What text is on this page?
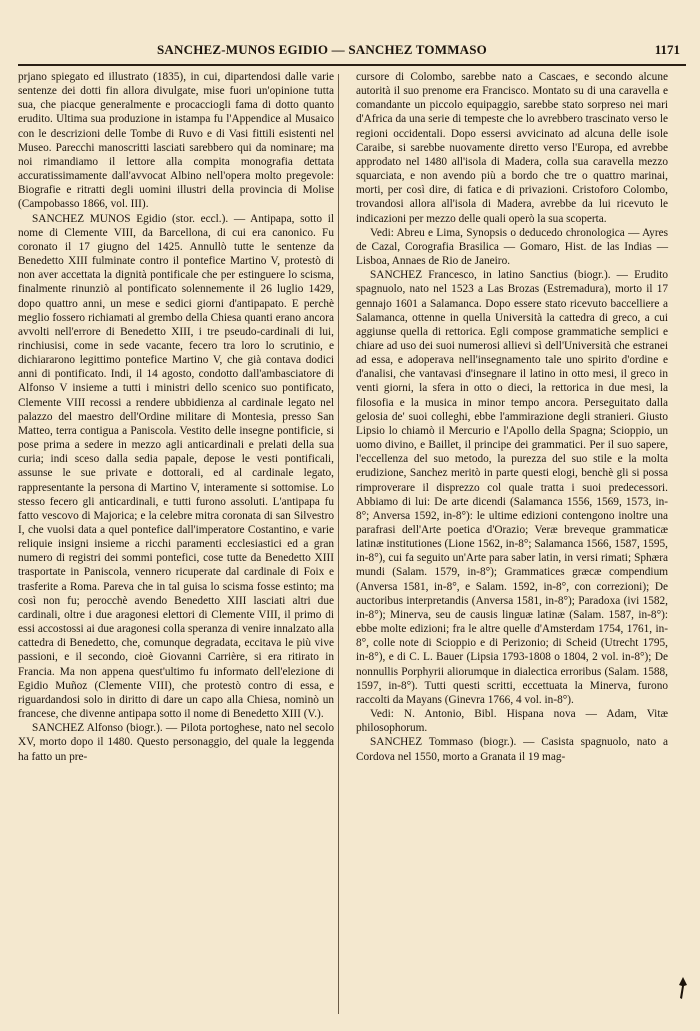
SANCHEZ-MUNOS EGIDIO — SANCHEZ TOMMASO	1171

prjano spiegato ed illustrato (1835), in cui, dipartendosi dalle varie sentenze dei dotti fin allora divulgate, mise fuori un'opinione tutta sua, che piacque generalmente e procacciogli fama di dotto quanto erudito. Ultima sua produzione in istampa fu l'Appendice al Musaico con le descrizioni delle Tombe di Ruvo e di Vasi fittili esistenti nel Museo. Parecchi manoscritti lasciati sarebbero qui da nominare; ma noi rimandiamo il lettore alla compita monografia dettata accuratissimamente dall'avvocat Albino nell'opera molto pregevole: Biografie e ritratti degli uomini illustri della provincia di Molise (Campobasso 1866, vol. III).

SANCHEZ MUNOS Egidio (stor. eccl.). — Antipapa, sotto il nome di Clemente VIII, da Barcellona, di cui era canonico. Fu coronato il 17 giugno del 1425. Annullò tutte le sentenze da Benedetto XIII fulminate contro il pontefice Martino V, protestò di non aver accettata la dignità pontificale che per estinguere lo scisma, finalmente rinunziò al pontificato solennemente il 26 luglio 1429, dopo quattro anni, un mese e sedici giorni d'antipapato. E perchè meglio fossero richiamati al grembo della Chiesa quanti erano ancora avvolti nell'errore di Benedetto XIII, i tre pseudo-cardinali di lui, rinchiusisi, come in sede vacante, fecero tra loro lo scrutinio, e dichiararono legittimo pontefice Martino V, che già contava dodici anni di pontificato. Indi, il 14 agosto, condotto dall'ambasciatore di Alfonso V insieme a tutti i ministri dello scenico suo pontificato, Clemente VIII recossi a rendere ubbidienza al cardinale legato nel palazzo del maestro dell'Ordine militare di Montesia, presso San Matteo, terra contigua a Paniscola. Vestito delle insegne pontificie, si pose prima a sedere in mezzo agli anticardinali e prelati della sua curia; indi sceso dalla sedia papale, depose le vesti pontificali, assunse le sue private e dottorali, ed al cardinale legato, rappresentante la persona di Martino V, interamente si sottomise. Lo stesso fecero gli anticardinali, e tutti furono assoluti. L'antipapa fu fatto vescovo di Majorica; e la celebre mitra coronata di san Silvestro I, che vuolsi data a quel pontefice dall'imperatore Costantino, e varie reliquie insigni insieme a ricchi paramenti ecclesiastici ed a gran numero di registri dei sommi pontefici, cose tutte da Benedetto XIII trasportate in Paniscola, vennero ricuperate dal cardinale di Foix e trasferite a Roma. Pareva che in tal guisa lo scisma fosse estinto; ma così non fu; perocchè avendo Benedetto XIII lasciati altri due cardinali, oltre i due aragonesi elettori di Clemente VIII, il primo di essi accostossi ai due aragonesi colla speranza di venire innalzato alla cattedra di Benedetto, che, comunque degradata, eccitava le più vive passioni, e il secondo, cioè Giovanni Carrière, si era ritirato in Francia. Ma non appena quest'ultimo fu informato dell'elezione di Egidio Muñoz (Clemente VIII), che protestò contro di essa, e riguardandosi solo in diritto di dare un capo alla Chiesa, nominò un francese, che divenne antipapa sotto il nome di Benedetto XIII (V.).

SANCHEZ Alfonso (biogr.). — Pilota portoghese, nato nel secolo XV, morto dopo il 1480. Questo personaggio, del quale la leggenda ha fatto un pre-

cursore di Colombo, sarebbe nato a Cascaes, e secondo alcune autorità il suo prenome era Francisco. Montato su di una caravella e comandante un piccolo equipaggio, sarebbe stato sorpreso nei mari d'Africa da una serie di tempeste che lo avrebbero trascinato verso le regioni occidentali. Dopo essersi avvicinato ad alcuna delle isole Caraibe, si sarebbe nuovamente diretto verso l'Europa, ed avrebbe approdato nel 1480 all'isola di Madera, colla sua caravella mezzo squarciata, e non avendo più a bordo che tre o quattro marinai, morti, per così dire, di fatica e di privazioni. Cristoforo Colombo, trovandosi allora all'isola di Madera, avrebbe da lui ricevuto le indicazioni per mezzo delle quali operò la sua scoperta.

Vedi: Abreu e Lima, Synopsis o deducedo chronologica — Ayres de Cazal, Corografia Brasilica — Gomaro, Hist. de las Indias — Lisboa, Annaes de Rio de Janeiro.

SANCHEZ Francesco, in latino Sanctius (biogr.). — Erudito spagnuolo, nato nel 1523 a Las Brozas (Estremadura), morto il 17 gennajo 1601 a Salamanca. Dopo essere stato ricevuto baccelliere a Salamanca, ottenne in quella Università la cattedra di greco, a cui aggiunse quella di rettorica. Egli compose grammatiche semplici e chiare ad uso dei suoi numerosi allievi sì dell'Università che estranei ad essa, e adoperava nell'insegnamento tale uno spirito d'ordine e d'analisi, che vantavasi d'insegnare il latino in otto mesi, il greco in venti giorni, la sfera in otto o dieci, la rettorica in due mesi, la filosofia e la musica in minor tempo ancora. Perseguitato dalla gelosia de' suoi colleghi, ebbe l'ammirazione degli stranieri. Giusto Lipsio lo chiamò il Mercurio e l'Apollo della Spagna; Scioppio, un uomo divino, e Baillet, il principe dei grammatici. Per il suo sapere, l'eccellenza del suo metodo, la purezza del suo stile e la molta erudizione, Sanchez meritò in parte questi elogi, benchè gli si possa rimproverare il disprezzo col quale tratta i suoi predecessori. Abbiamo di lui: De arte dicendi (Salamanca 1556, 1569, 1573, in-8°; Anversa 1592, in-8°): le ultime edizioni contengono inoltre una parafrasi dell'Arte poetica d'Orazio; Veræ breveque grammaticæ latinæ institutiones (Lione 1562, in-8°; Salamanca 1566, 1587, 1595, in-8°), cui fa seguito un'Arte para saber latin, in versi rimati; Sphæra mundi (Salam. 1579, in-8°); Grammatices græcæ compendium (Anversa 1581, in-8°, e Salam. 1592, in-8°, con correzioni); De auctoribus interpretandis (Anversa 1581, in-8°); Paradoxa (ivi 1582, in-8°); Minerva, seu de causis linguæ latinæ (Salam. 1587, in-8°): ebbe molte edizioni; fra le altre quelle d'Amsterdam 1754, 1761, in-8°, colle note di Scioppio e di Perizonio; di Scheid (Utrecht 1795, in-8°), e di C. L. Bauer (Lipsia 1793-1808 o 1804, 2 vol. in-8°); De nonnullis Porphyrii aliorumque in dialectica erroribus (Salam. 1588, 1597, in-8°). Tutti questi scritti, eccettuata la Minerva, furono raccolti da Mayans (Ginevra 1766, 4 vol. in-8°).

Vedi: N. Antonio, Bibl. Hispana nova — Adam, Vitæ philosophorum.

SANCHEZ Tommaso (biogr.). — Casista spagnuolo, nato a Cordova nel 1550, morto a Granata il 19 mag-
